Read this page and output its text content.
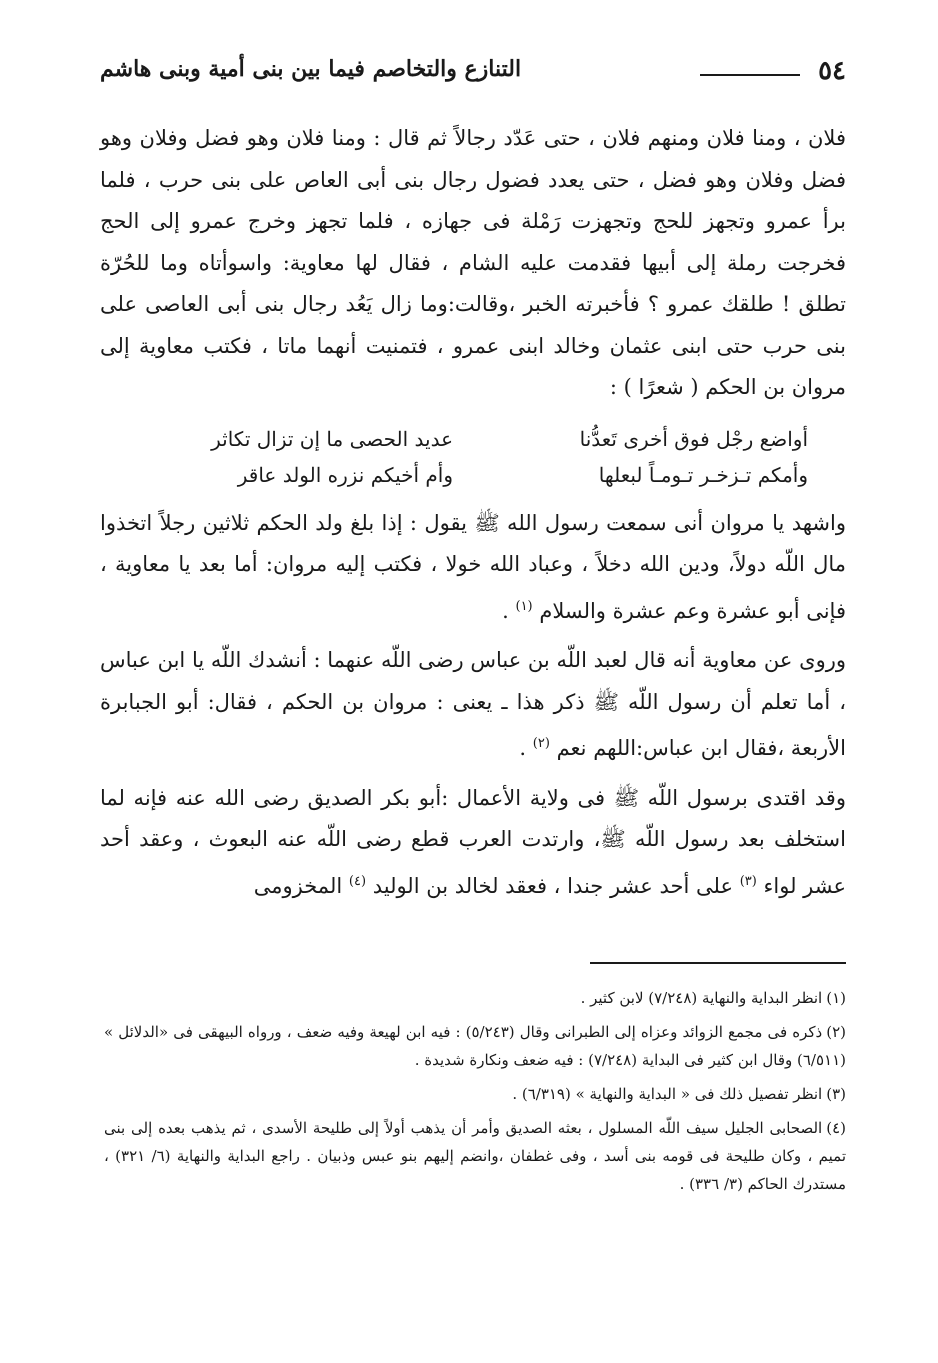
٥٤
التنازع والتخاصم فيما بين بنى أمية وبنى هاشم

فلان ، ومنا فلان ومنهم فلان ، حتى عَدّد رجالاً ثم قال : ومنا فلان وهو فضل وفلان وهو فضل وفلان وهو فضل ، حتى يعدد فضول رجال بنى أبى العاص على بنى حرب ، فلما برأ عمرو وتجهز للحج وتجهزت رَمْلة فى جهازه ، فلما تجهز وخرج عمرو إلى الحج فخرجت رملة إلى أبيها فقدمت عليه الشام ، فقال لها معاوية: واسوأتاه وما للحُرّة تطلق ! طلقك عمرو ؟ فأخبرته الخبر ،وقالت:وما زال يَعُد رجال بنى أبى العاصى على بنى حرب حتى ابنى عثمان وخالد ابنى عمرو ، فتمنيت أنهما ماتا ، فكتب معاوية إلى مروان بن الحكم ( شعرًا ) :

أواضع رجْل فوق أخرى تَعدُّنا
عديد الحصى ما إن تزال تكاثر
وأمكم تـزخـر تـومـاً لبعلها
وأم أخيكم نزره الولد عاقر

واشهد يا مروان أنى سمعت رسول الله ﷺ يقول : إذا بلغ ولد الحكم ثلاثين رجلاً اتخذوا مال اللّه دولاً، ودين الله دخلاً ، وعباد الله خولا ، فكتب إليه مروان: أما بعد يا معاوية ، فإنى أبو عشرة وعم عشرة والسلام $^{(١)}$ .

وروى عن معاوية أنه قال لعبد اللّه بن عباس رضى اللّه عنهما : أنشدك اللّه يا ابن عباس ، أما تعلم أن رسول اللّه ﷺ ذكر هذا ـ يعنى : مروان بن الحكم ، فقال: أبو الجبابرة الأربعة ،فقال ابن عباس:اللهم نعم $^{(٢)}$ .

وقد اقتدى برسول اللّه ﷺ فى ولاية الأعمال :أبو بكر الصديق رضى الله عنه فإنه لما استخلف بعد رسول اللّه ﷺ، وارتدت العرب قطع رضى اللّه عنه البعوث ، وعقد أحد عشر لواء $^{(٣)}$ على أحد عشر جندا ، فعقد لخالد بن الوليد $^{(٤)}$ المخزومى

(١)انظر البداية والنهاية (٧/٢٤٨) لابن كثير .

(٢)ذكره فى مجمع الزوائد وعزاه إلى الطبرانى وقال (٥/٢٤٣) : فيه ابن لهيعة وفيه ضعف ، ورواه البيهقى فى «الدلائل » (٦/٥١١) وقال ابن كثير فى البداية (٧/٢٤٨) : فيه ضعف ونكارة شديدة .

(٣)انظر تفصيل ذلك فى « البداية والنهاية » (٦/٣١٩) .

(٤)الصحابى الجليل سيف اللّه المسلول ، بعثه الصديق وأمر أن يذهب أولاً إلى طليحة الأسدى ، ثم يذهب بعده إلى بنى تميم ، وكان طليحة فى قومه بنى أسد ، وفى غطفان ،وانضم إليهم بنو عبس وذبيان . راجع البداية والنهاية (٦/ ٣٢١) ، مستدرك الحاكم (٣/ ٣٣٦) .
